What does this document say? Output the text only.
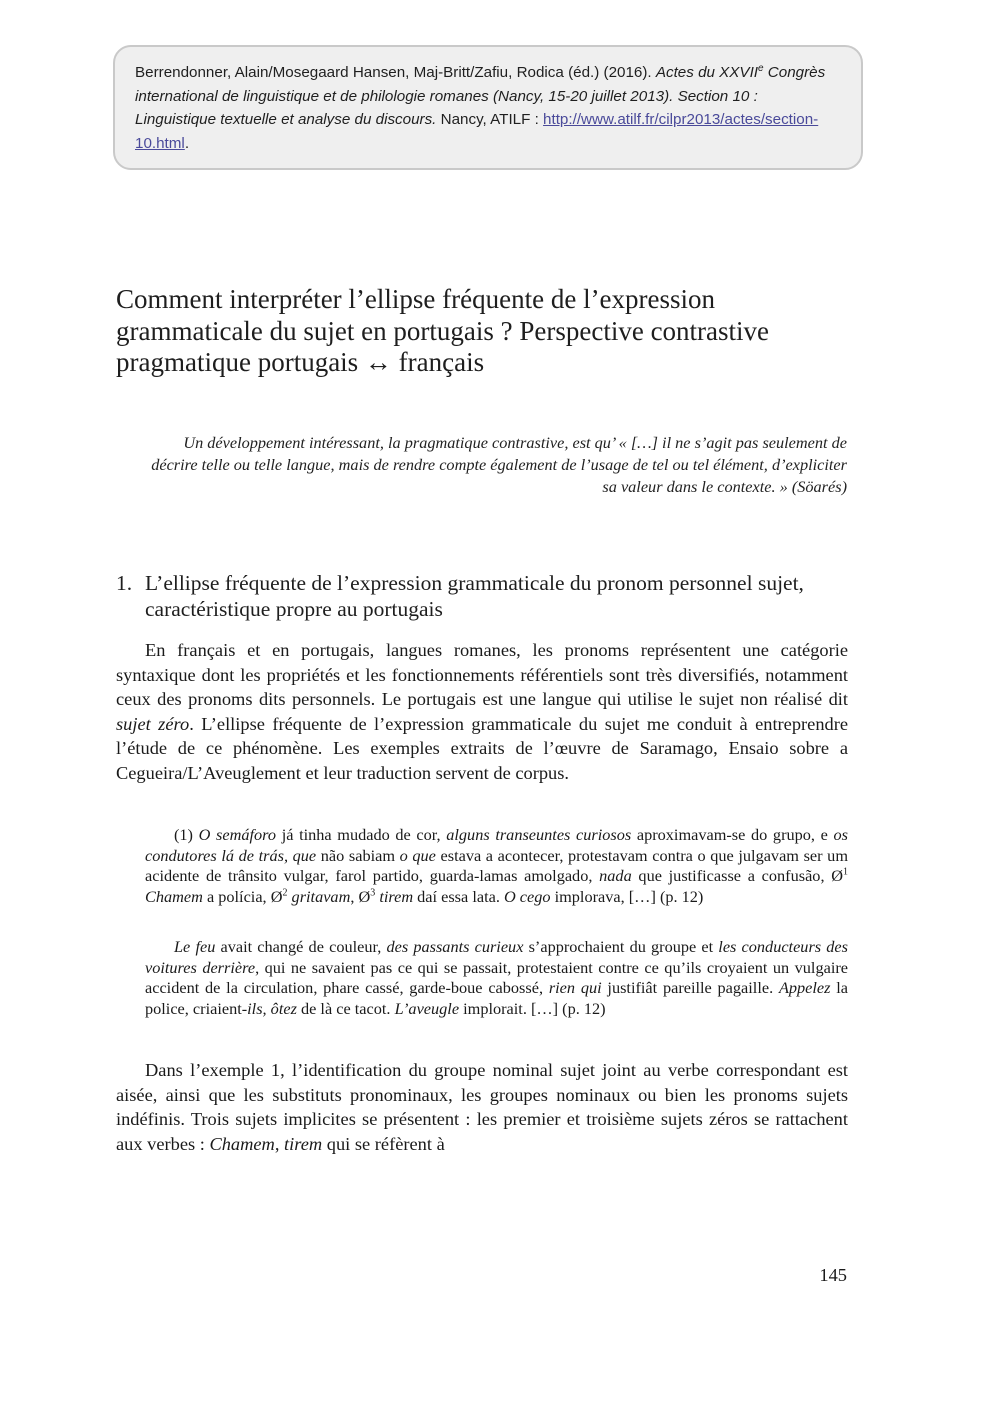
Berrendonner, Alain/Mosegaard Hansen, Maj-Britt/Zafiu, Rodica (éd.) (2016). Actes du XXVIIe Congrès international de linguistique et de philologie romanes (Nancy, 15-20 juillet 2013). Section 10 : Linguistique textuelle et analyse du discours. Nancy, ATILF : http://www.atilf.fr/cilpr2013/actes/section-10.html.
Comment interpréter l’ellipse fréquente de l’expression grammaticale du sujet en portugais ? Perspective contrastive pragmatique portugais ↔ français
Un développement intéressant, la pragmatique contrastive, est qu’ « […] il ne s’agit pas seulement de décrire telle ou telle langue, mais de rendre compte également de l’usage de tel ou tel élément, d’expliciter sa valeur dans le contexte. » (Söarés)
1. L’ellipse fréquente de l’expression grammaticale du pronom personnel sujet, caractéristique propre au portugais

En français et en portugais, langues romanes, les pronoms représentent une catégorie syntaxique dont les propriétés et les fonctionnements référentiels sont très diversifiés, notamment ceux des pronoms dits personnels. Le portugais est une langue qui utilise le sujet non réalisé dit sujet zéro. L’ellipse fréquente de l’expression grammaticale du sujet me conduit à entreprendre l’étude de ce phénomène. Les exemples extraits de l’œuvre de Saramago, Ensaio sobre a Cegueira/L’Aveuglement et leur traduction servent de corpus.

(1) O semáforo já tinha mudado de cor, alguns transeuntes curiosos aproximavam-se do grupo, e os condutores lá de trás, que não sabiam o que estava a acontecer, protestavam contra o que julgavam ser um acidente de trânsito vulgar, farol partido, guarda-lamas amolgado, nada que justificasse a confusão, $Ø^1$ Chamem a polícia, $Ø^2$ gritavam, $Ø^3$ tirem daí essa lata. O cego implorava, […] (p. 12)

Le feu avait changé de couleur, des passants curieux s’approchaient du groupe et les conducteurs des voitures derrière, qui ne savaient pas ce qui se passait, protestaient contre ce qu’ils croyaient un vulgaire accident de la circulation, phare cassé, garde-boue cabossé, rien qui justifiât pareille pagaille. Appelez la police, criaient-ils, ôtez de là ce tacot. L’aveugle implorait. […] (p. 12)

Dans l’exemple 1, l’identification du groupe nominal sujet joint au verbe correspondant est aisée, ainsi que les substituts pronominaux, les groupes nominaux ou bien les pronoms sujets indéfinis. Trois sujets implicites se présentent : les premier et troisième sujets zéros se rattachent aux verbes : Chamem, tirem qui se réfèrent à

145
